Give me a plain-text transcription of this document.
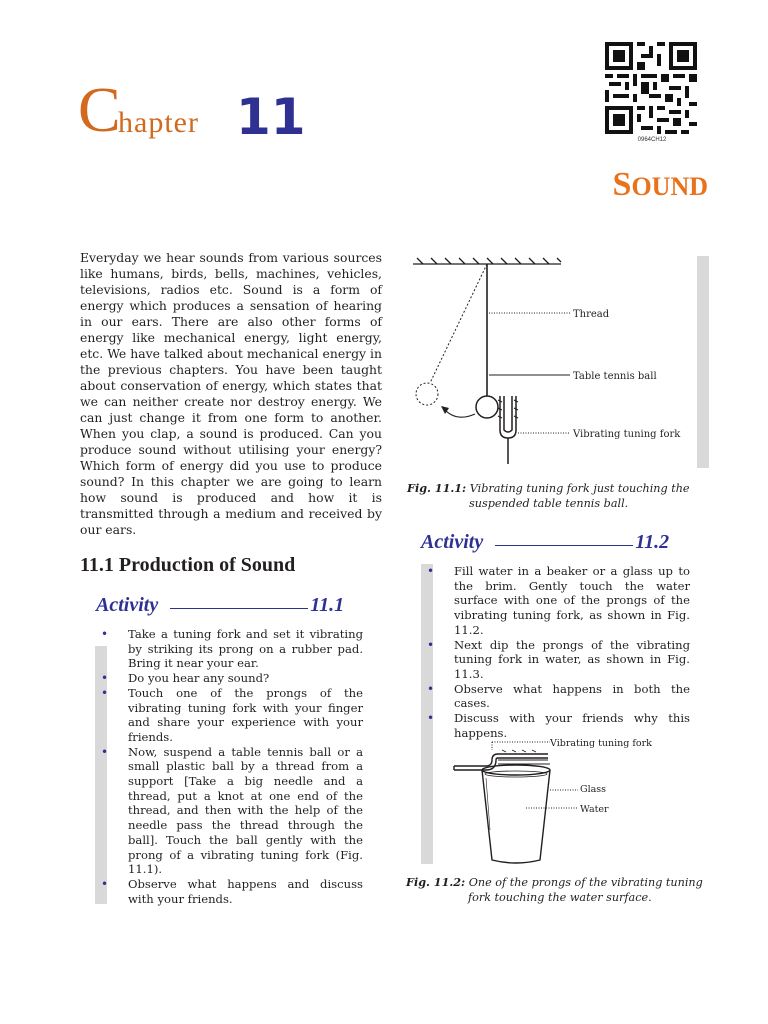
C
hapter 11	0964CH12
SOUND
Everyday we hear sounds from various sources like humans, birds, bells, machines, vehicles, televisions, radios etc. Sound is a form of energy which produces a sensation of hearing in our ears. There are also other forms of energy like mechanical energy, light energy, etc. We have talked about mechanical energy in the previous chapters. You have been taught about conservation of energy, which states that we can neither create nor destroy energy. We can just change it from one form to another. When you clap, a sound is produced. Can you produce sound without utilising your energy? Which form of energy did you use to produce sound? In this chapter we are going to learn how sound is produced and how it is transmitted through a medium and received by our ears.
11.1 Production of Sound
Activity	11.1
• Take a tuning fork and set it vibrating by striking its prong on a rubber pad. Bring it near your ear.
• Do you hear any sound?
• Touch one of the prongs of the vibrating tuning fork with your finger and share your experience with your friends.
• Now, suspend a table tennis ball or a small plastic ball by a thread from a support [Take a big needle and a thread, put a knot at one end of the thread, and then with the help of the needle pass the thread through the ball]. Touch the ball gently with the prong of a vibrating tuning fork (Fig. 11.1).
• Observe what happens and discuss with your friends.
Thread
Table tennis ball
Vibrating tuning fork
Fig. 11.1: Vibrating tuning fork just touching the
suspended table tennis ball.
Activity	11.2
• Fill water in a beaker or a glass up to the brim. Gently touch the water surface with one of the prongs of the vibrating tuning fork, as shown in Fig. 11.2.
• Next dip the prongs of the vibrating tuning fork in water, as shown in Fig. 11.3.
• Observe what happens in both the cases.
• Discuss with your friends why this happens.
Vibrating tuning fork
Glass
Water
Fig. 11.2: One of the prongs of the vibrating tuning
fork touching the water surface.
